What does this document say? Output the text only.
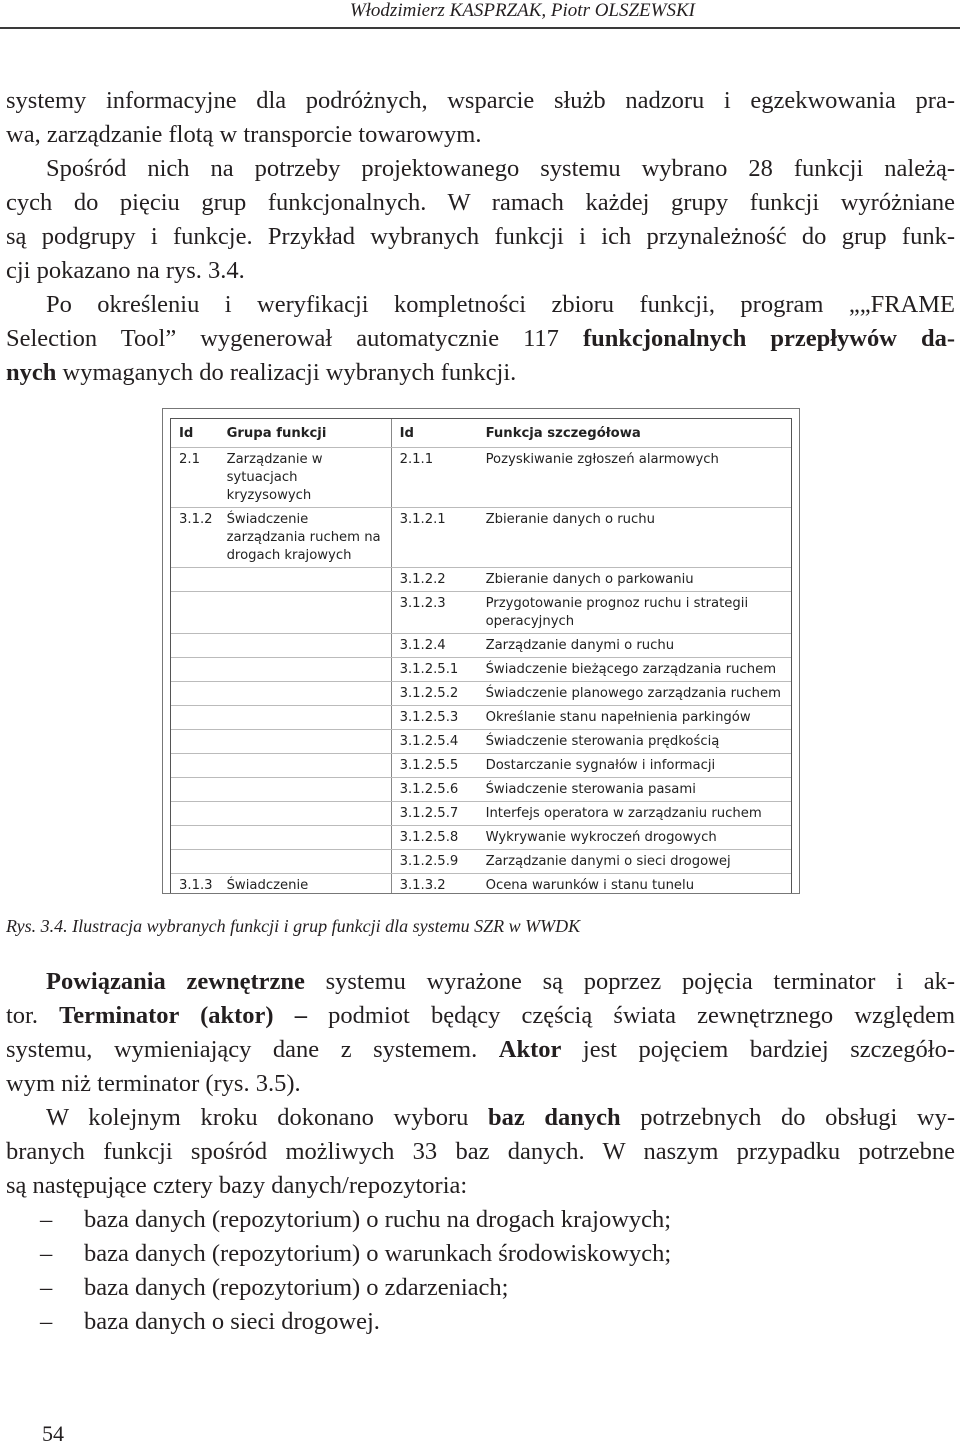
Włodzimierz KASPRZAK, Piotr OLSZEWSKI
systemy informacyjne dla podróżnych, wsparcie służb nadzoru i egzekwowania pra-
wa, zarządzanie flotą w transporcie towarowym.
Spośród nich na potrzeby projektowanego systemu wybrano 28 funkcji należą-
cych do pięciu grup funkcjonalnych. W ramach każdej grupy funkcji wyróżniane
są podgrupy i funkcje. Przykład wybranych funkcji i ich przynależność do grup funk-
cji pokazano na rys. 3.4.
Po określeniu i weryfikacji kompletności zbioru funkcji, program „„FRAME
Selection Tool” wygenerował automatycznie 117 funkcjonalnych przepływów da-
nych wymaganych do realizacji wybranych funkcji.
Id	Grupa funkcji	Id	Funkcja szczegółowa
2.1	Zarządzanie w sytuacjach kryzysowych	2.1.1	Pozyskiwanie zgłoszeń alarmowych
3.1.2	Świadczenie zarządzania ruchem na drogach krajowych	3.1.2.1	Zbieranie danych o ruchu
		3.1.2.2	Zbieranie danych o parkowaniu
		3.1.2.3	Przygotowanie prognoz ruchu i strategii operacyjnych
		3.1.2.4	Zarządzanie danymi o ruchu
		3.1.2.5.1	Świadczenie bieżącego zarządzania ruchem
		3.1.2.5.2	Świadczenie planowego zarządzania ruchem
		3.1.2.5.3	Określanie stanu napełnienia parkingów
		3.1.2.5.4	Świadczenie sterowania prędkością
		3.1.2.5.5	Dostarczanie sygnałów i informacji
		3.1.2.5.6	Świadczenie sterowania pasami
		3.1.2.5.7	Interfejs operatora w zarządzaniu ruchem
		3.1.2.5.8	Wykrywanie wykroczeń drogowych
		3.1.2.5.9	Zarządzanie danymi o sieci drogowej
3.1.3	Świadczenie	3.1.3.2	Ocena warunków i stanu tunelu
Rys. 3.4. Ilustracja wybranych funkcji i grup funkcji dla systemu SZR w WWDK
Powiązania zewnętrzne systemu wyrażone są poprzez pojęcia terminator i ak-
tor. Terminator (aktor) – podmiot będący częścią świata zewnętrznego względem
systemu, wymieniający dane z systemem. Aktor jest pojęciem bardziej szczegóło-
wym niż terminator (rys. 3.5).
W kolejnym kroku dokonano wyboru baz danych potrzebnych do obsługi wy-
branych funkcji spośród możliwych 33 baz danych. W naszym przypadku potrzebne
są następujące cztery bazy danych/repozytoria:
– baza danych (repozytorium) o ruchu na drogach krajowych;
– baza danych (repozytorium) o warunkach środowiskowych;
– baza danych (repozytorium) o zdarzeniach;
– baza danych o sieci drogowej.
54
